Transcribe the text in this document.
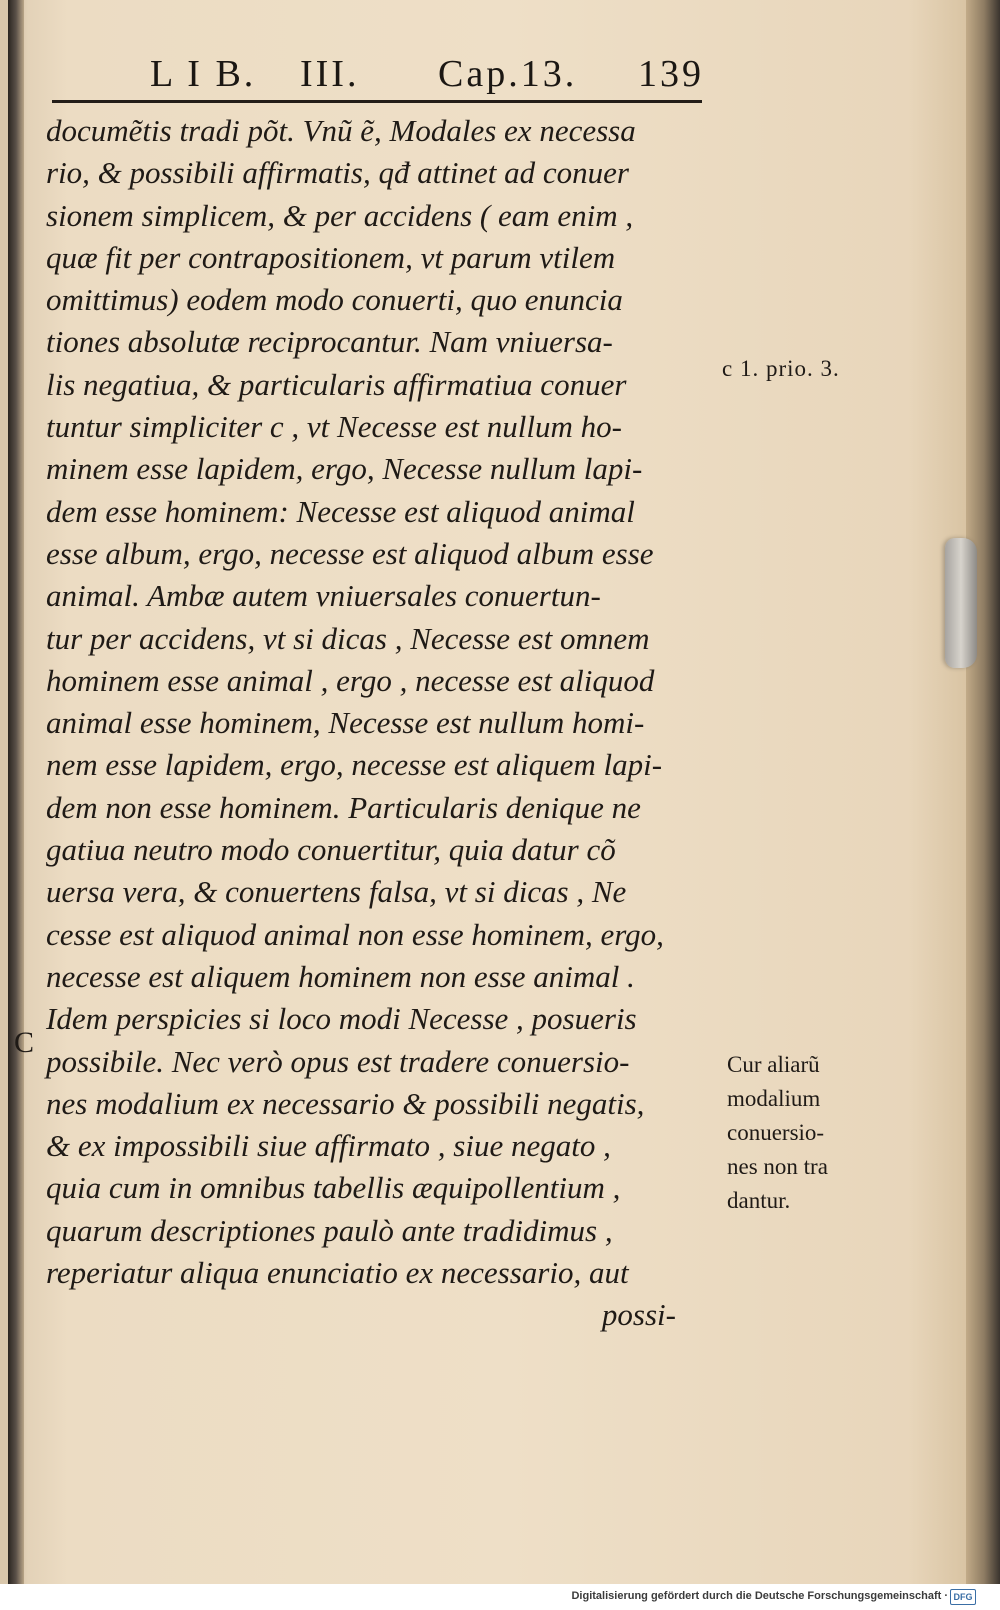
L I B. III. Cap.13. 139
documẽtis tradi põt. Vnũ ẽ, Modales ex necessa
rio, & possibili affirmatis, qđ attinet ad conuer
sionem simplicem, & per accidens ( eam enim ,
quæ fit per contrapositionem, vt parum vtilem
omittimus) eodem modo conuerti, quo enuncia
tiones absolutæ reciprocantur. Nam vniuersa-
lis negatiua, & particularis affirmatiua conuer
tuntur simpliciter c , vt Necesse est nullum ho-
minem esse lapidem, ergo, Necesse nullum lapi-
dem esse hominem: Necesse est aliquod animal
esse album, ergo, necesse est aliquod album esse
animal. Ambæ autem vniuersales conuertun-
tur per accidens, vt si dicas , Necesse est omnem
hominem esse animal , ergo , necesse est aliquod
animal esse hominem, Necesse est nullum homi-
nem esse lapidem, ergo, necesse est aliquem lapi-
dem non esse hominem. Particularis denique ne
gatiua neutro modo conuertitur, quia datur cõ
uersa vera, & conuertens falsa, vt si dicas , Ne
cesse est aliquod animal non esse hominem, ergo,
necesse est aliquem hominem non esse animal .
Idem perspicies si loco modi Necesse , posueris
possibile. Nec verò opus est tradere conuersio-
nes modalium ex necessario & possibili negatis,
& ex impossibili siue affirmato , siue negato ,
quia cum in omnibus tabellis æquipollentium ,
quarum descriptiones paulò ante tradidimus ,
reperiatur aliqua enunciatio ex necessario, aut
possi-
C
c 1. prio. 3.
Cur aliarũ
modalium
conuersio-
nes non tra
dantur.
Digitalisierung gefördert durch die Deutsche Forschungsgemeinschaft · DFG
